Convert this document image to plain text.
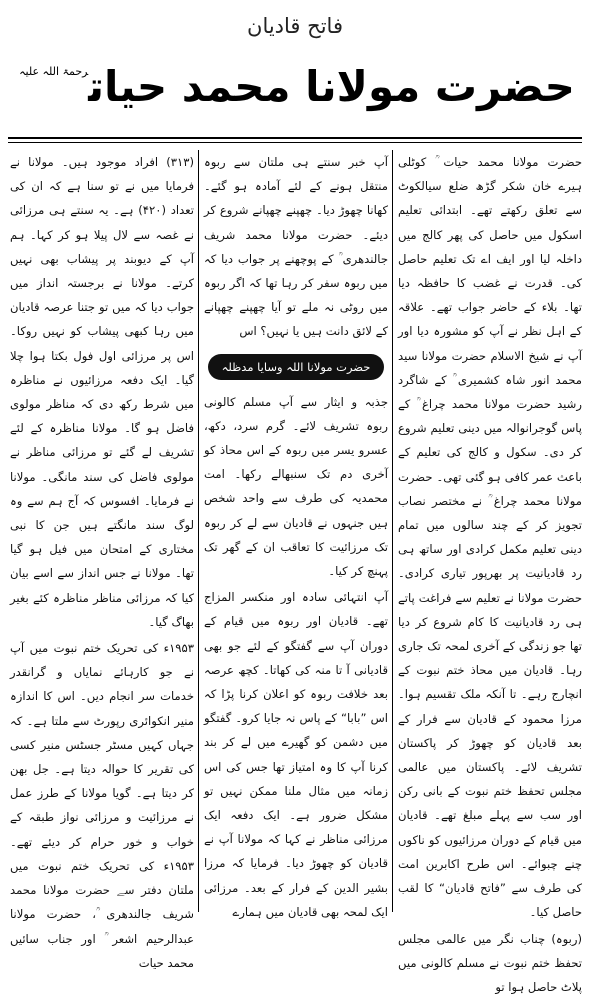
فاتح قادیان
حضرت مولانا محمد حیات$^{رحمۃ اللہ علیہ}$

حضرت مولانا محمد حیات ؒ کوٹلی ہیرے خان شکر گڑھ ضلع سیالکوٹ سے تعلق رکھتے تھے۔ ابتدائی تعلیم اسکول میں حاصل کی پھر کالج میں داخلہ لیا اور ایف اے تک تعلیم حاصل کی۔ قدرت نے غضب کا حافظہ دیا تھا۔ بلاء کے حاضر جواب تھے۔ علاقہ کے اہل نظر نے آپ کو مشورہ دیا اور آپ نے شیخ الاسلام حضرت مولانا سید محمد انور شاہ کشمیری ؒ کے شاگرد رشید حضرت مولانا محمد چراغ ؒ کے پاس گوجرانوالہ میں دینی تعلیم شروع کر دی۔ سکول و کالج کی تعلیم کے باعث عمر کافی ہو گئی تھی۔ حضرت مولانا محمد چراغ ؒ نے مختصر نصاب تجویز کر کے چند سالوں میں تمام دینی تعلیم مکمل کرادی اور ساتھ ہی رد قادیانیت پر بھرپور تیاری کرادی۔ حضرت مولانا نے تعلیم سے فراغت پاتے ہی رد قادیانیت کا کام شروع کر دیا تھا جو زندگی کے آخری لمحہ تک جاری رہا۔ قادیان میں محاذ ختم نبوت کے انچارج رہے۔ تا آنکہ ملک تقسیم ہوا۔ مرزا محمود کے قادیان سے فرار کے بعد قادیان کو چھوڑ کر پاکستان تشریف لائے۔ پاکستان میں عالمی مجلس تحفظ ختم نبوت کے بانی رکن اور سب سے پہلے مبلغ تھے۔ قادیان میں قیام کے دوران مرزائیوں کو ناکوں چنے چبوائے۔ اس طرح اکابرین امت کی طرف سے ”فاتح قادیان“ کا لقب حاصل کیا۔

(ربوہ) چناب نگر میں عالمی مجلس تحفظ ختم نبوت نے مسلم کالونی میں پلاٹ حاصل ہوا تو

آپ خبر سنتے ہی ملتان سے ربوہ منتقل ہونے کے لئے آمادہ ہو گئے۔ کھانا چھوڑ دیا۔ چھپنے چھپانے شروع کر دیئے۔ حضرت مولانا محمد شریف جالندھری ؒ کے پوچھنے پر جواب دیا کہ میں ربوہ سفر کر رہا تھا کہ اگر ربوہ میں روٹی نہ ملے تو آیا چھپنے چھپانے کے لائق دانت ہیں یا نہیں؟ اس

حضرت مولانا اللہ وسایا مدظلہ

جذبہ و ایثار سے آپ مسلم کالونی ربوہ تشریف لائے۔ گرم سرد، دکھ، عسرو یسر میں ربوہ کے اس محاذ کو آخری دم تک سنبھالے رکھا۔ امت محمدیہ کی طرف سے واحد شخص ہیں جنہوں نے قادیان سے لے کر ربوہ تک مرزائیت کا تعاقب ان کے گھر تک پہنچ کر کیا۔

آپ انتہائی سادہ اور منکسر المزاج تھے۔ قادیان اور ربوہ میں قیام کے دوران آپ سے گفتگو کے لئے جو بھی قادیانی آ تا منہ کی کھاتا۔ کچھ عرصہ بعد خلافت ربوہ کو اعلان کرنا پڑا کہ اس ”بابا“ کے پاس نہ جایا کرو۔ گفتگو میں دشمن کو گھیرے میں لے کر بند کرنا آپ کا وہ امتیاز تھا جس کی اس زمانہ میں مثال ملنا ممکن نہیں تو مشکل ضرور ہے۔ ایک دفعہ ایک مرزائی مناظر نے کہا کہ مولانا آپ نے قادیان کو چھوڑ دیا۔ فرمایا کہ مرزا بشیر الدین کے فرار کے بعد۔ مرزائی ایک لمحہ بھی قادیان میں ہمارے

(۳۱۳) افراد موجود ہیں۔ مولانا نے فرمایا میں نے تو سنا ہے کہ ان کی تعداد (۴۲۰) ہے۔ یہ سنتے ہی مرزائی نے غصہ سے لال پیلا ہو کر کہا۔ ہم آپ کے دیوبند پر پیشاب بھی نہیں کرتے۔ مولانا نے برجستہ انداز میں جواب دیا کہ میں تو جتنا عرصہ قادیان میں رہا کبھی پیشاب کو نہیں روکا۔ اس پر مرزائی اول فول بکتا ہوا چلا گیا۔ ایک دفعہ مرزائیوں نے مناظرہ میں شرط رکھ دی کہ مناظر مولوی فاضل ہو گا۔ مولانا مناظرہ کے لئے تشریف لے گئے تو مرزائی مناظر نے مولوی فاضل کی سند مانگی۔ مولانا نے فرمایا۔ افسوس کہ آج ہم سے وہ لوگ سند مانگتے ہیں جن کا نبی مختاری کے امتحان میں فیل ہو گیا تھا۔ مولانا نے جس انداز سے اسے بیان کیا کہ مرزائی مناظر مناظرہ کئے بغیر بھاگ گیا۔

۱۹۵۳ء کی تحریک ختم نبوت میں آپ نے جو کارہائے نمایاں و گرانقدر خدمات سر انجام دیں۔ اس کا اندازہ منیر انکوائری رپورٹ سے ملتا ہے۔ کہ جہاں کہیں مسٹر جسٹس منیر کسی کی تقریر کا حوالہ دیتا ہے۔ جل بھن کر دیتا ہے۔ گویا مولانا کے طرز عمل نے مرزائیت و مرزائی نواز طبقہ کے خواب و خور حرام کر دیئے تھے۔ ۱۹۵۳ء کی تحریک ختم نبوت میں ملتان دفتر سے حضرت مولانا محمد شریف جالندھری ؒ، حضرت مولانا عبدالرحیم اشعر ؒ اور جناب سائیں محمد حیات
